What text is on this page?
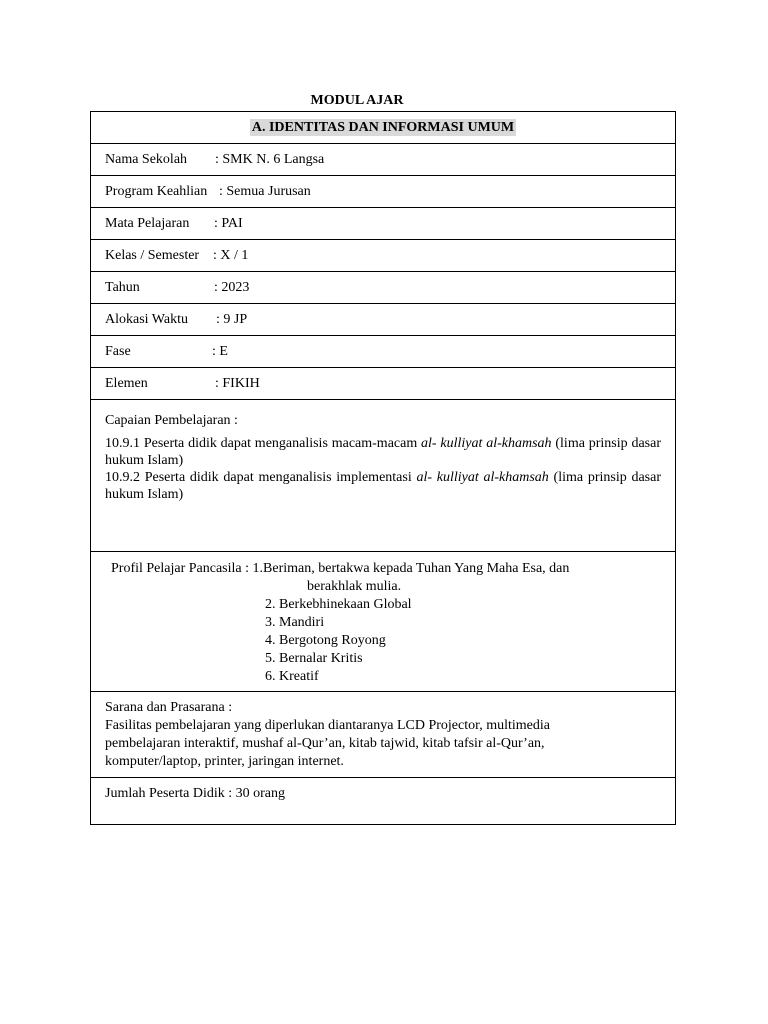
MODUL AJAR
A. IDENTITAS DAN INFORMASI UMUM
Nama Sekolah : SMK N. 6 Langsa
Program Keahlian : Semua Jurusan
Mata Pelajaran : PAI
Kelas / Semester : X / 1
Tahun	: 2023
Alokasi Waktu : 9 JP
Fase	: E
Elemen	: FIKIH

Capaian Pembelajaran :

10.9.1 Peserta didik dapat menganalisis macam-macam al- kulliyat al-khamsah (lima prinsip dasar hukum Islam)

10.9.2 Peserta didik dapat menganalisis implementasi al- kulliyat al-khamsah (lima prinsip dasar hukum Islam)

Profil Pelajar Pancasila : 1.Beriman, bertakwa kepada Tuhan Yang Maha Esa, dan
berakhlak mulia.
2. Berkebhinekaan Global
3. Mandiri
4. Bergotong Royong
5. Bernalar Kritis
6. Kreatif
Sarana dan Prasarana :
Fasilitas pembelajaran yang diperlukan diantaranya LCD Projector, multimedia
pembelajaran interaktif, mushaf al-Qur’an, kitab tajwid, kitab tafsir al-Qur’an,
komputer/laptop, printer, jaringan internet.
Jumlah Peserta Didik : 30 orang
